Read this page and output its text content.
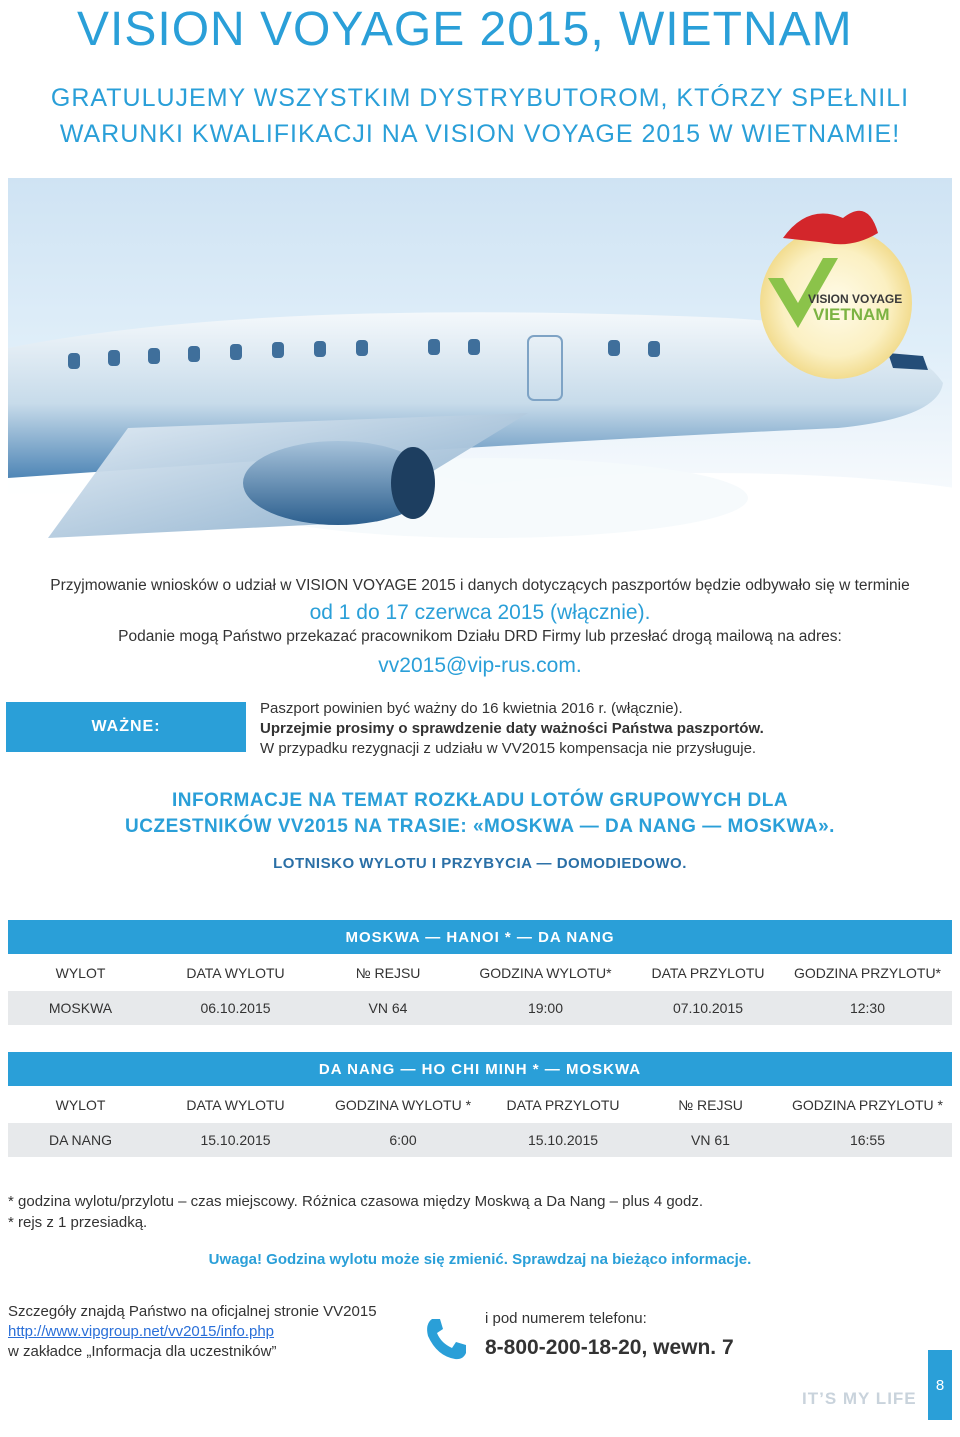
VISION VOYAGE 2015, WIETNAM
GRATULUJEMY WSZYSTKIM DYSTRYBUTOROM, KTÓRZY SPEŁNILI
WARUNKI KWALIFIKACJI NA VISION VOYAGE 2015 W WIETNAMIE!
VISION VOYAGE
VIETNAM
Przyjmowanie wniosków o udział w VISION VOYAGE 2015 i danych dotyczących paszportów będzie odbywało się w terminie
od 1 do 17 czerwca 2015 (włącznie).
Podanie mogą Państwo przekazać pracownikom Działu DRD Firmy lub przesłać drogą mailową na adres:
vv2015@vip-rus.com.
WAŻNE:
Paszport powinien być ważny do 16 kwietnia 2016 r. (włącznie).
Uprzejmie prosimy o sprawdzenie daty ważności Państwa paszportów.
W przypadku rezygnacji z udziału w VV2015 kompensacja nie przysługuje.
INFORMACJE NA TEMAT ROZKŁADU LOTÓW GRUPOWYCH DLA
UCZESTNIKÓW VV2015 NA TRASIE: «MOSKWA — DA NANG — MOSKWA».
LOTNISKO WYLOTU I PRZYBYCIA — DOMODIEDOWO.
MOSKWA — HANOI * — DA NANG
WYLOT	DATA WYLOTU	№ REJSU	GODZINA WYLOTU*	DATA PRZYLOTU	GODZINA PRZYLOTU*
MOSKWA	06.10.2015	VN 64	19:00	07.10.2015	12:30
DA NANG — HO CHI MINH * — MOSKWA
WYLOT	DATA WYLOTU	GODZINA WYLOTU *	DATA PRZYLOTU	№ REJSU	GODZINA PRZYLOTU *
DA NANG	15.10.2015	6:00	15.10.2015	VN 61	16:55
* godzina wylotu/przylotu – czas miejscowy. Różnica czasowa między Moskwą a Da Nang – plus 4 godz.
* rejs z 1 przesiadką.
Uwaga! Godzina wylotu może się zmienić. Sprawdzaj na bieżąco informacje.
Szczegóły znajdą Państwo na oficjalnej stronie VV2015
http://www.vipgroup.net/vv2015/info.php
w zakładce „Informacja dla uczestników”
i pod numerem telefonu:
8-800-200-18-20, wewn. 7
IT’S MY LIFE
8
